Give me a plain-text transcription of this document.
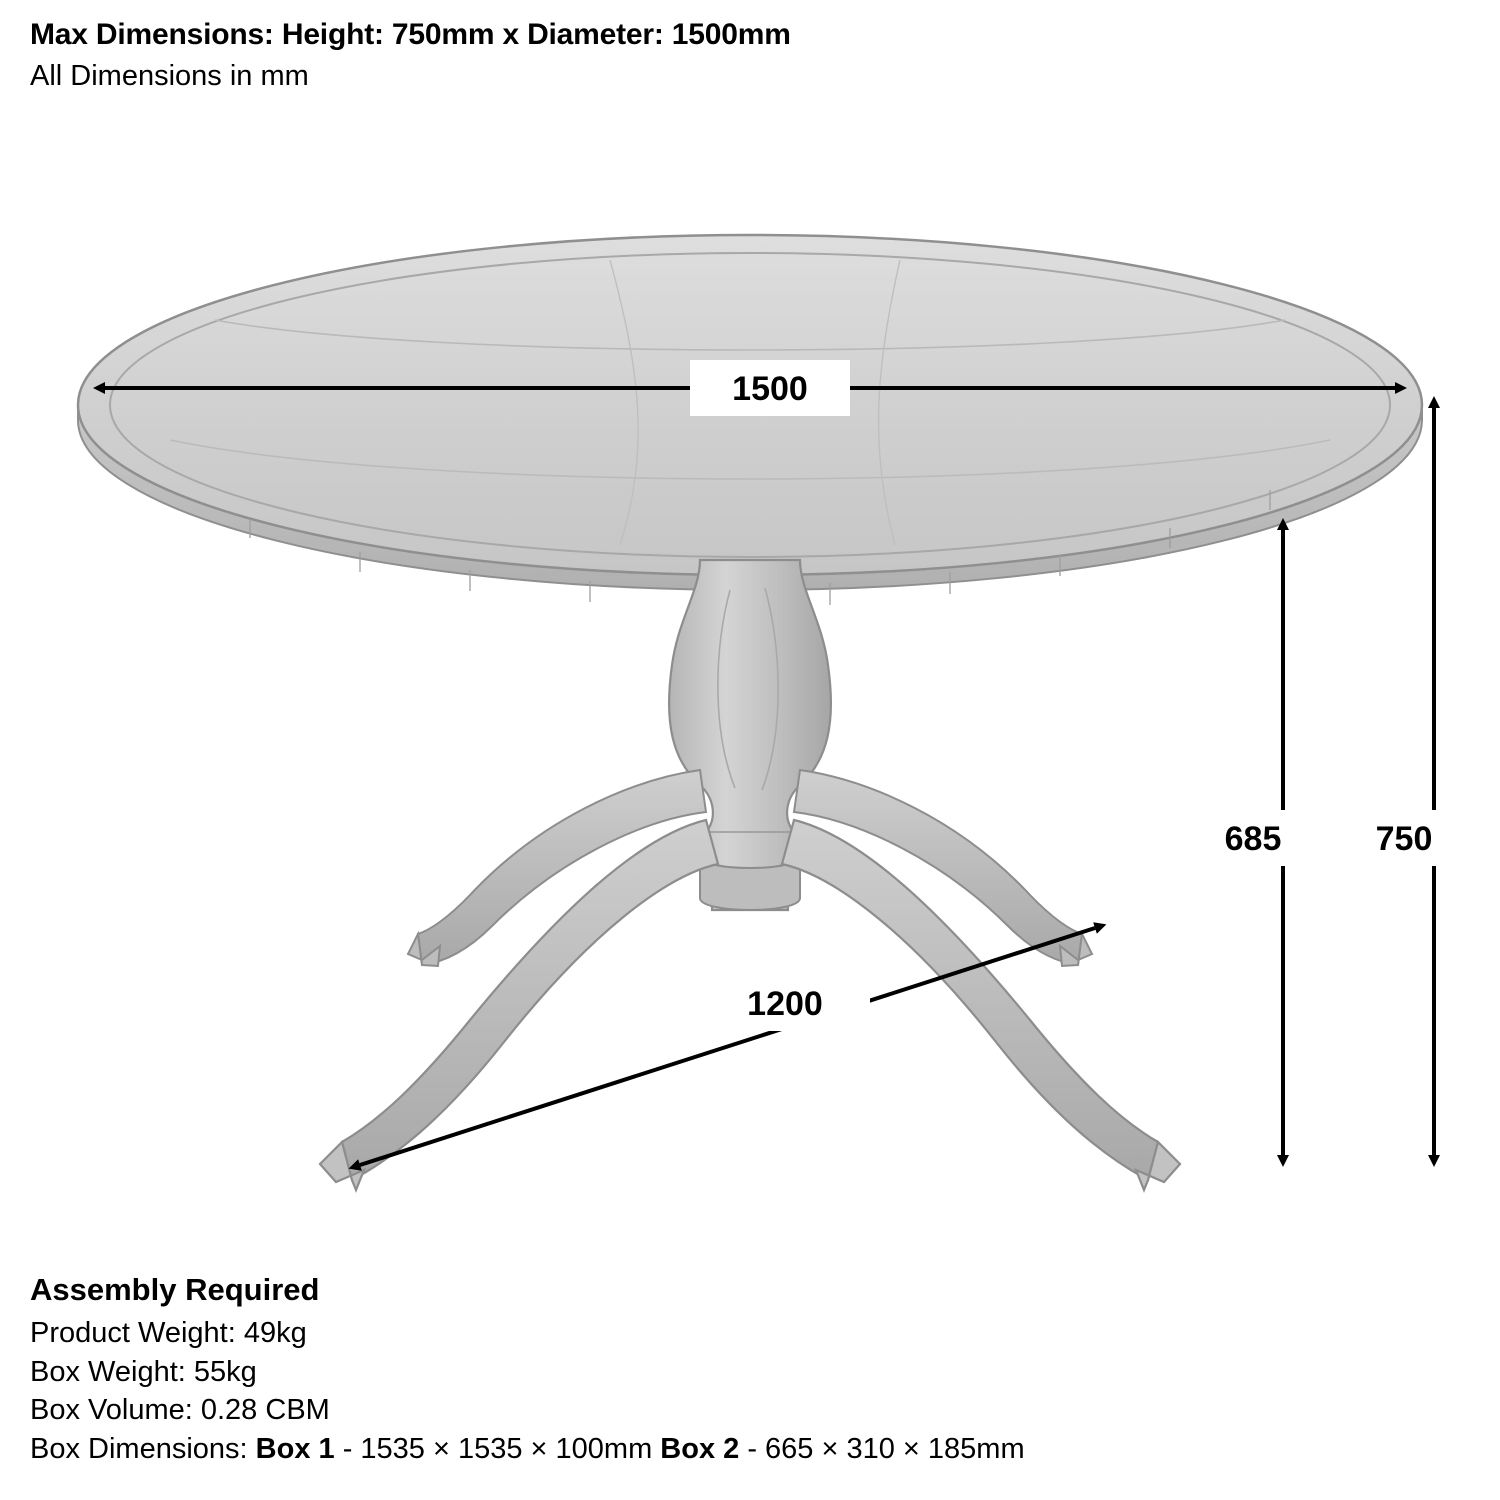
Max Dimensions: Height: 750mm x Diameter: 1500mm

All Dimensions in mm

1500
1200
685	750

Assembly Required

Product Weight: 49kg

Box Weight: 55kg

Box Volume: 0.28 CBM

Box Dimensions: Box 1 - 1535 × 1535 × 100mm Box 2 - 665 × 310 × 185mm
